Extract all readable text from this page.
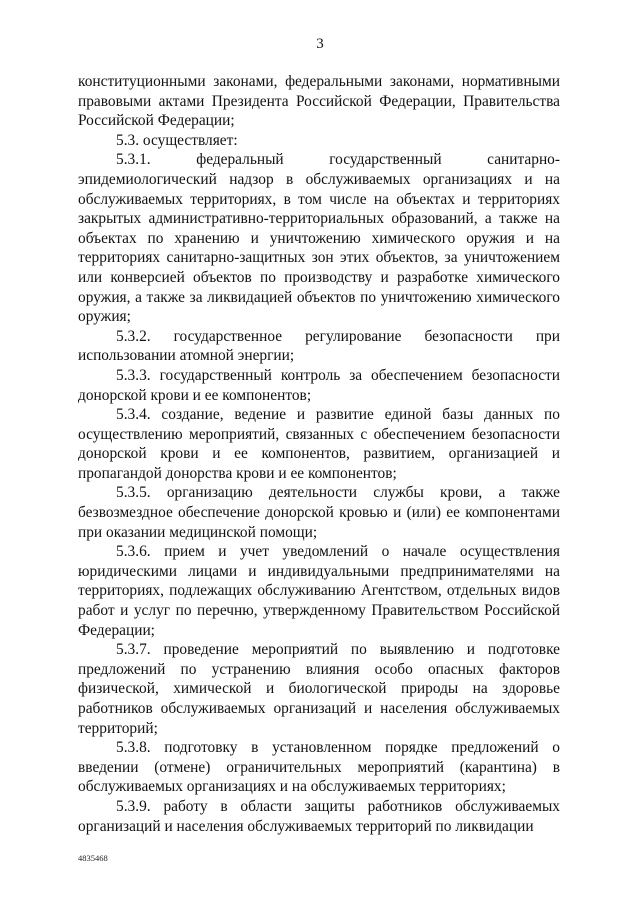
3

конституционными законами, федеральными законами, нормативными правовыми актами Президента Российской Федерации, Правительства Российской Федерации;

5.3. осуществляет:

5.3.1. федеральный государственный санитарно-эпидемиологический надзор в обслуживаемых организациях и на обслуживаемых территориях, в том числе на объектах и территориях закрытых административно-территориальных образований, а также на объектах по хранению и уничтожению химического оружия и на территориях санитарно-защитных зон этих объектов, за уничтожением или конверсией объектов по производству и разработке химического оружия, а также за ликвидацией объектов по уничтожению химического оружия;

5.3.2. государственное регулирование безопасности при использовании атомной энергии;

5.3.3. государственный контроль за обеспечением безопасности донорской крови и ее компонентов;

5.3.4. создание, ведение и развитие единой базы данных по осуществлению мероприятий, связанных с обеспечением безопасности донорской крови и ее компонентов, развитием, организацией и пропагандой донорства крови и ее компонентов;

5.3.5. организацию деятельности службы крови, а также безвозмездное обеспечение донорской кровью и (или) ее компонентами при оказании медицинской помощи;

5.3.6. прием и учет уведомлений о начале осуществления юридическими лицами и индивидуальными предпринимателями на территориях, подлежащих обслуживанию Агентством, отдельных видов работ и услуг по перечню, утвержденному Правительством Российской Федерации;

5.3.7. проведение мероприятий по выявлению и подготовке предложений по устранению влияния особо опасных факторов физической, химической и биологической природы на здоровье работников обслуживаемых организаций и населения обслуживаемых территорий;

5.3.8. подготовку в установленном порядке предложений о введении (отмене) ограничительных мероприятий (карантина) в обслуживаемых организациях и на обслуживаемых территориях;

5.3.9. работу в области защиты работников обслуживаемых организаций и населения обслуживаемых территорий по ликвидации

4835468
